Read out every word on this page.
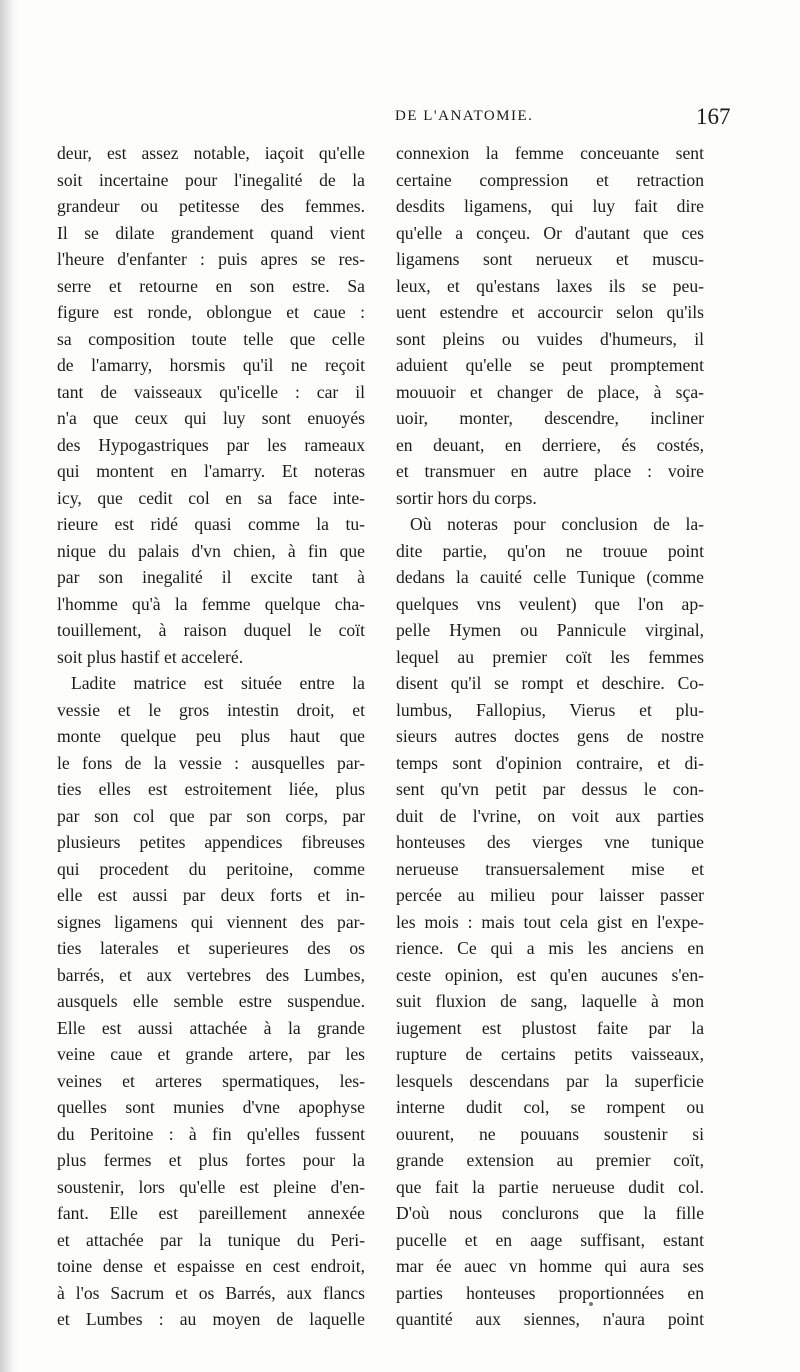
DE L'ANATOMIE.	167
deur, est assez notable, iaçoit qu'elle
soit incertaine pour l'inegalité de la
grandeur ou petitesse des femmes.
Il se dilate grandement quand vient
l'heure d'enfanter : puis apres se res-
serre et retourne en son estre. Sa
figure est ronde, oblongue et caue :
sa composition toute telle que celle
de l'amarry, horsmis qu'il ne reçoit
tant de vaisseaux qu'icelle : car il
n'a que ceux qui luy sont enuoyés
des Hypogastriques par les rameaux
qui montent en l'amarry. Et noteras
icy, que cedit col en sa face inte-
rieure est ridé quasi comme la tu-
nique du palais d'vn chien, à fin que
par son inegalité il excite tant à
l'homme qu'à la femme quelque cha-
touillement, à raison duquel le coït
soit plus hastif et acceleré.
Ladite matrice est située entre la
vessie et le gros intestin droit, et
monte quelque peu plus haut que
le fons de la vessie : ausquelles par-
ties elles est estroitement liée, plus
par son col que par son corps, par
plusieurs petites appendices fibreuses
qui procedent du peritoine, comme
elle est aussi par deux forts et in-
signes ligamens qui viennent des par-
ties laterales et superieures des os
barrés, et aux vertebres des Lumbes,
ausquels elle semble estre suspendue.
Elle est aussi attachée à la grande
veine caue et grande artere, par les
veines et arteres spermatiques, les-
quelles sont munies d'vne apophyse
du Peritoine : à fin qu'elles fussent
plus fermes et plus fortes pour la
soustenir, lors qu'elle est pleine d'en-
fant. Elle est pareillement annexée
et attachée par la tunique du Peri-
toine dense et espaisse en cest endroit,
à l'os Sacrum et os Barrés, aux flancs
et Lumbes : au moyen de laquelle
connexion la femme conceuante sent
certaine compression et retraction
desdits ligamens, qui luy fait dire
qu'elle a conçeu. Or d'autant que ces
ligamens sont nerueux et muscu-
leux, et qu'estans laxes ils se peu-
uent estendre et accourcir selon qu'ils
sont pleins ou vuides d'humeurs, il
aduient qu'elle se peut promptement
mouuoir et changer de place, à sça-
uoir, monter, descendre, incliner
en deuant, en derriere, és costés,
et transmuer en autre place : voire
sortir hors du corps.
Où noteras pour conclusion de la-
dite partie, qu'on ne trouue point
dedans la cauité celle Tunique (comme
quelques vns veulent) que l'on ap-
pelle Hymen ou Pannicule virginal,
lequel au premier coït les femmes
disent qu'il se rompt et deschire. Co-
lumbus, Fallopius, Vierus et plu-
sieurs autres doctes gens de nostre
temps sont d'opinion contraire, et di-
sent qu'vn petit par dessus le con-
duit de l'vrine, on voit aux parties
honteuses des vierges vne tunique
nerueuse transuersalement mise et
percée au milieu pour laisser passer
les mois : mais tout cela gist en l'expe-
rience. Ce qui a mis les anciens en
ceste opinion, est qu'en aucunes s'en-
suit fluxion de sang, laquelle à mon
iugement est plustost faite par la
rupture de certains petits vaisseaux,
lesquels descendans par la superficie
interne dudit col, se rompent ou
ouurent, ne pouuans soustenir si
grande extension au premier coït,
que fait la partie nerueuse dudit col.
D'où nous conclurons que la fille
pucelle et en aage suffisant, estant
mar ée auec vn homme qui aura ses
parties honteuses proportionnées en
quantité aux siennes, n'aura point
